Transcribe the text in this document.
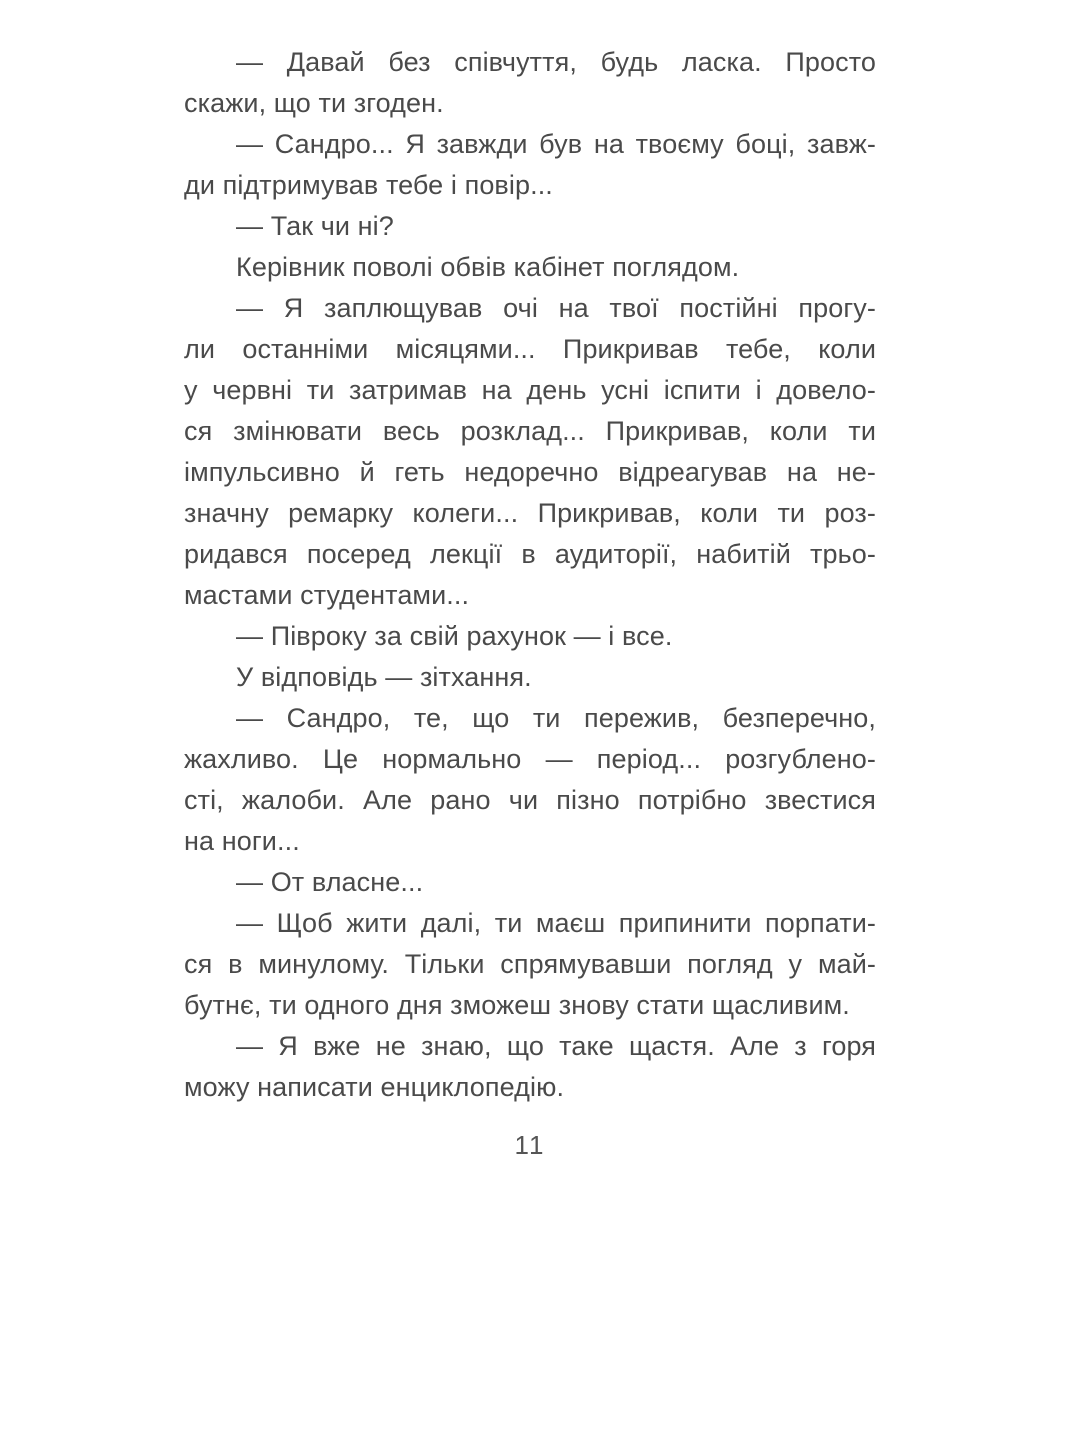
— Давай без співчуття, будь ласка. Просто
скажи, що ти згоден.
— Сандро... Я завжди був на твоєму боці, завж-
ди підтримував тебе і повір...
— Так чи ні?
Керівник поволі обвів кабінет поглядом.
— Я заплющував очі на твої постійні прогу-
ли останніми місяцями... Прикривав тебе, коли
у червні ти затримав на день усні іспити і довело-
ся змінювати весь розклад... Прикривав, коли ти
імпульсивно й геть недоречно відреагував на не-
значну ремарку колеги... Прикривав, коли ти роз-
ридався посеред лекції в аудиторії, набитій трьо-
мастами студентами...
— Півроку за свій рахунок — і все.
У відповідь — зітхання.
— Сандро, те, що ти пережив, безперечно,
жахливо. Це нормально — період... розгублено-
сті, жалоби. Але рано чи пізно потрібно звестися
на ноги...
— От власне...
— Щоб жити далі, ти маєш припинити порпати-
ся в минулому. Тільки спрямувавши погляд у май-
бутнє, ти одного дня зможеш знову стати щасливим.
— Я вже не знаю, що таке щастя. Але з горя
можу написати енциклопедію.
11
